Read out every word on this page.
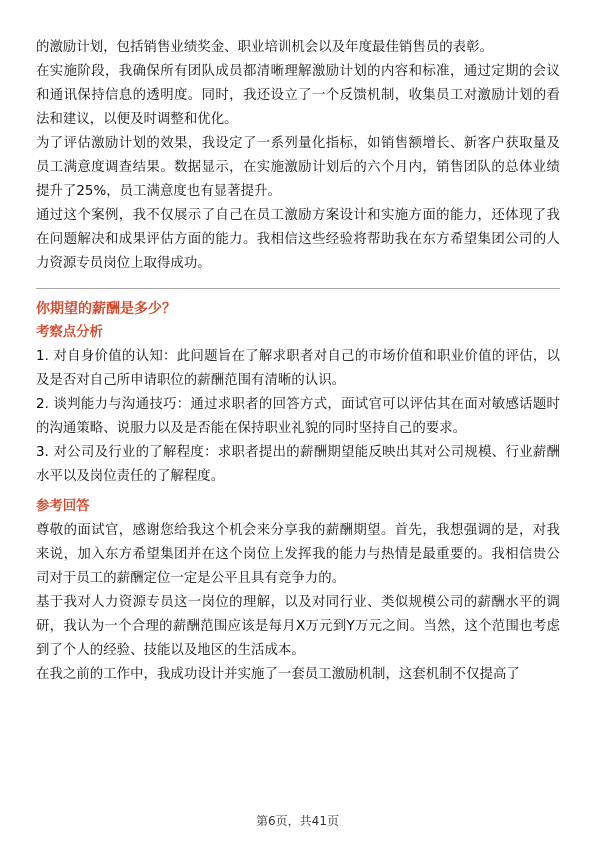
的激励计划，包括销售业绩奖金、职业培训机会以及年度最佳销售员的表彰。

在实施阶段，我确保所有团队成员都清晰理解激励计划的内容和标准，通过定期的会议和通讯保持信息的透明度。同时，我还设立了一个反馈机制，收集员工对激励计划的看法和建议，以便及时调整和优化。

为了评估激励计划的效果，我设定了一系列量化指标，如销售额增长、新客户获取量及员工满意度调查结果。数据显示，在实施激励计划后的六个月内，销售团队的总体业绩提升了25%，员工满意度也有显著提升。

通过这个案例，我不仅展示了自己在员工激励方案设计和实施方面的能力，还体现了我在问题解决和成果评估方面的能力。我相信这些经验将帮助我在东方希望集团公司的人力资源专员岗位上取得成功。

你期望的薪酬是多少？

考察点分析

1. 对自身价值的认知：此问题旨在了解求职者对自己的市场价值和职业价值的评估，以及是否对自己所申请职位的薪酬范围有清晰的认识。

2. 谈判能力与沟通技巧：通过求职者的回答方式，面试官可以评估其在面对敏感话题时的沟通策略、说服力以及是否能在保持职业礼貌的同时坚持自己的要求。

3. 对公司及行业的了解程度：求职者提出的薪酬期望能反映出其对公司规模、行业薪酬水平以及岗位责任的了解程度。

参考回答

尊敬的面试官，感谢您给我这个机会来分享我的薪酬期望。首先，我想强调的是，对我来说，加入东方希望集团并在这个岗位上发挥我的能力与热情是最重要的。我相信贵公司对于员工的薪酬定位一定是公平且具有竞争力的。

基于我对人力资源专员这一岗位的理解，以及对同行业、类似规模公司的薪酬水平的调研，我认为一个合理的薪酬范围应该是每月X万元到Y万元之间。当然，这个范围也考虑到了个人的经验、技能以及地区的生活成本。

在我之前的工作中，我成功设计并实施了一套员工激励机制，这套机制不仅提高了

第6页，共41页
